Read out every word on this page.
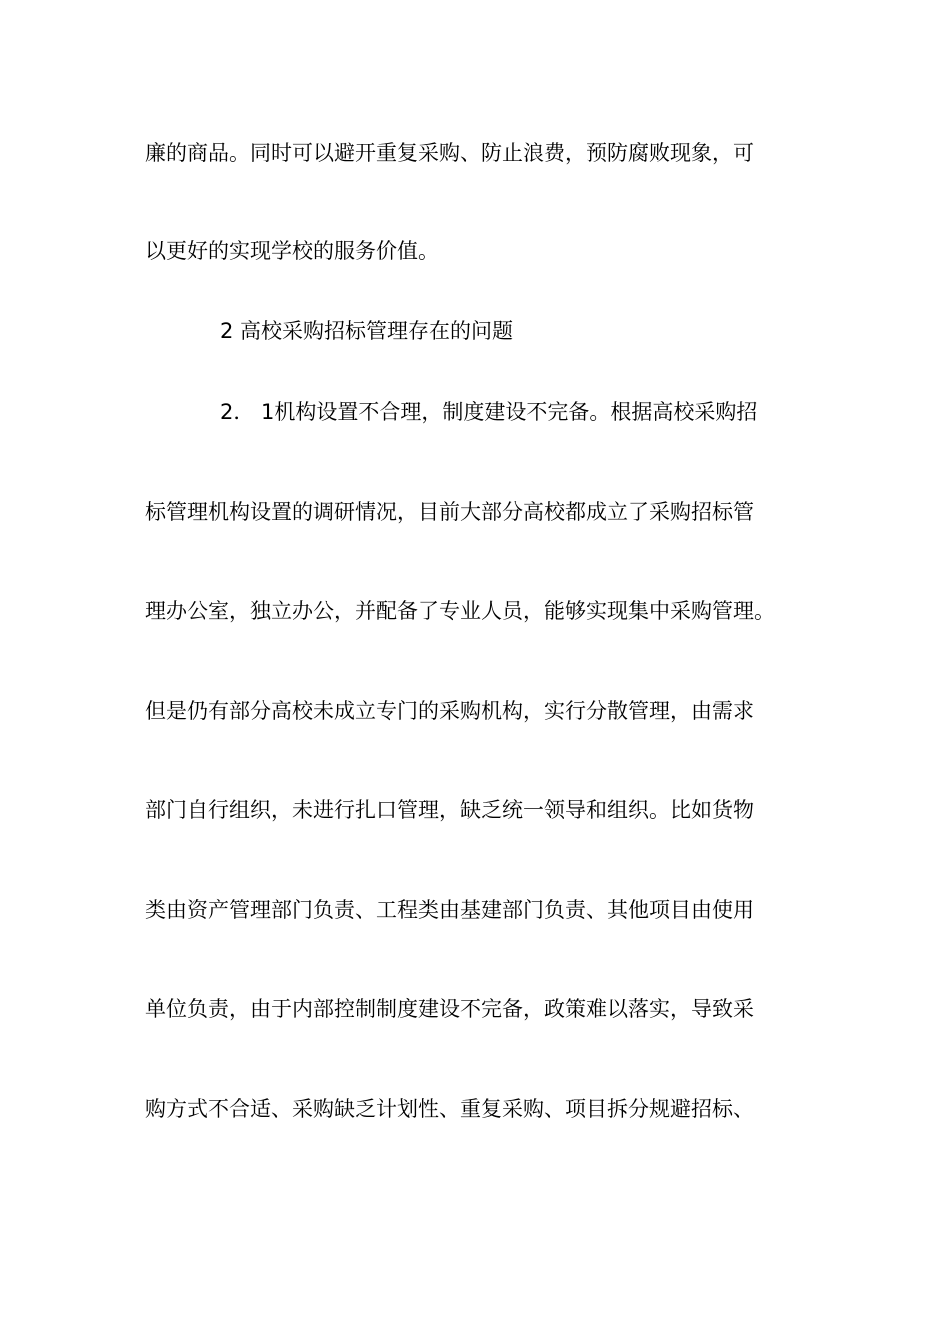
廉的商品。同时可以避开重复采购、防止浪费，预防腐败现象，可
以更好的实现学校的服务价值。
2 高校采购招标管理存在的问题
2． 1机构设置不合理，制度建设不完备。根据高校采购招
标管理机构设置的调研情况，目前大部分高校都成立了采购招标管
理办公室，独立办公，并配备了专业人员，能够实现集中采购管理。
但是仍有部分高校未成立专门的采购机构，实行分散管理，由需求
部门自行组织，未进行扎口管理，缺乏统一领导和组织。比如货物
类由资产管理部门负责、工程类由基建部门负责、其他项目由使用
单位负责，由于内部控制制度建设不完备，政策难以落实，导致采
购方式不合适、采购缺乏计划性、重复采购、项目拆分规避招标、
